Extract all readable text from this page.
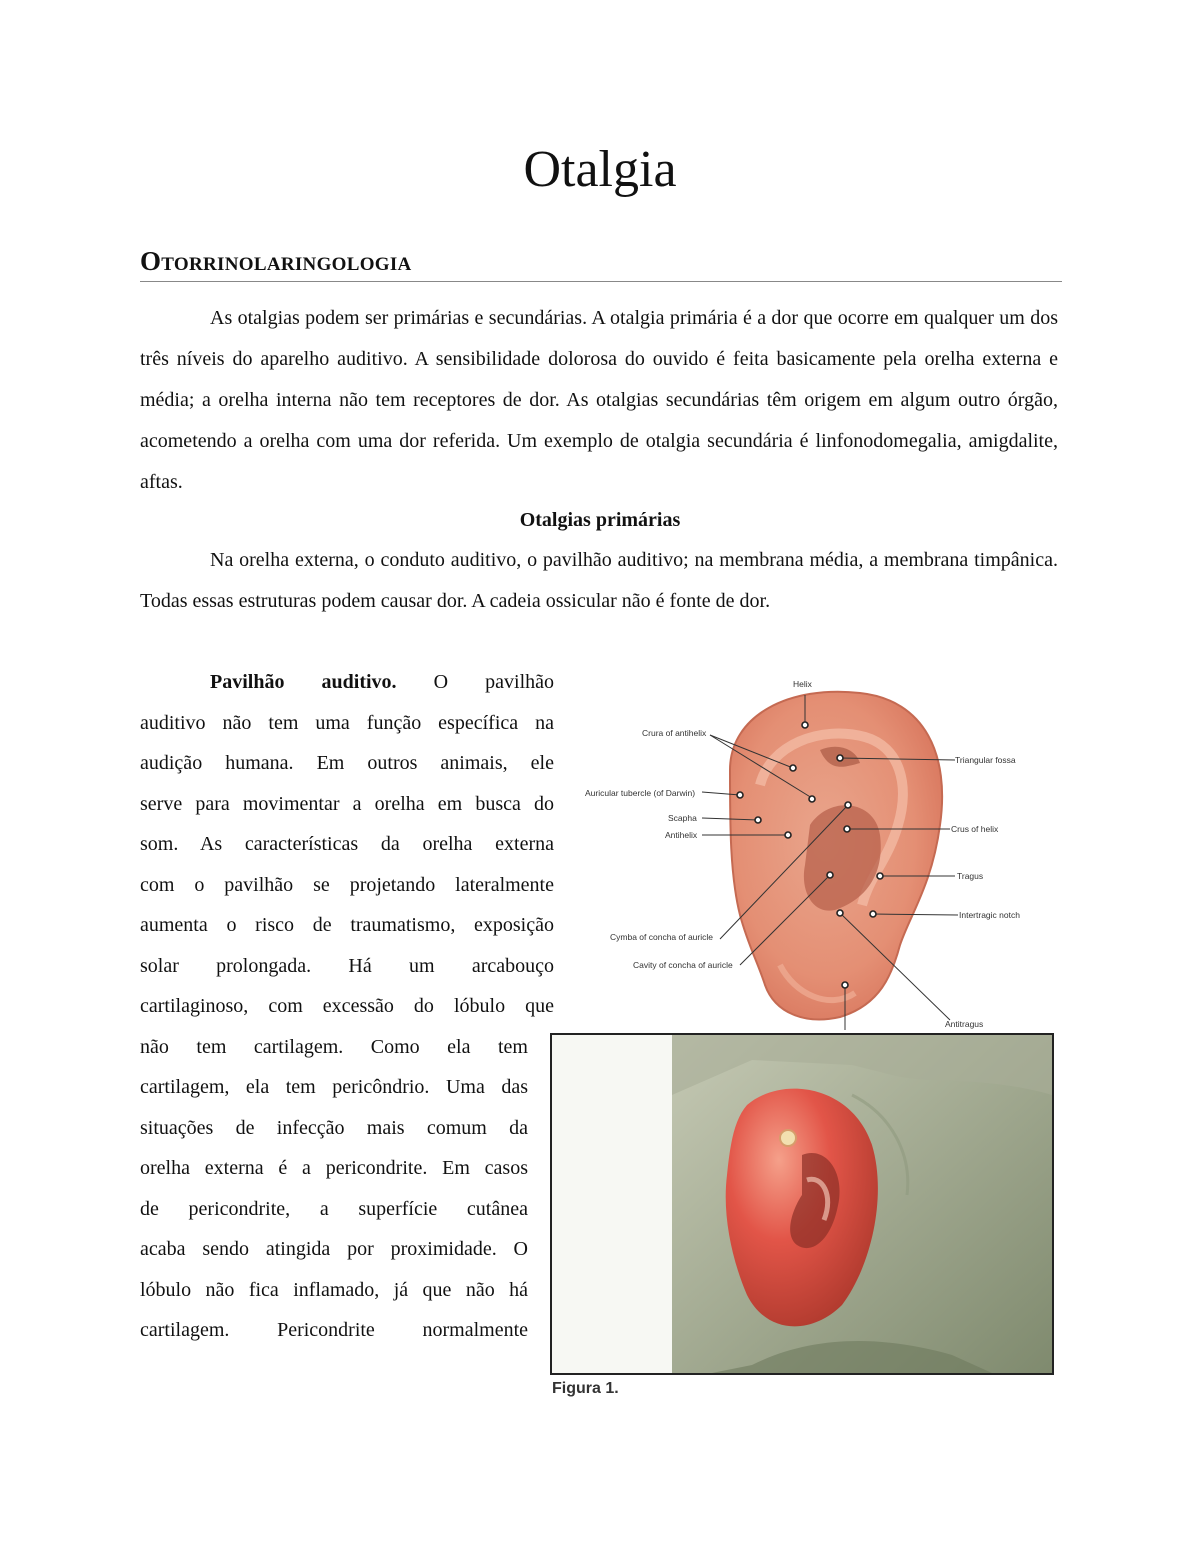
Otalgia
Otorrinolaringologia

As otalgias podem ser primárias e secundárias. A otalgia primária é a dor que ocorre em qualquer um dos três níveis do aparelho auditivo. A sensibilidade dolorosa do ouvido é feita basicamente pela orelha externa e média; a orelha interna não tem receptores de dor. As otalgias secundárias têm origem em algum outro órgão, acometendo a orelha com uma dor referida. Um exemplo de otalgia secundária é linfonodomegalia, amigdalite, aftas.

Otalgias primárias

Na orelha externa, o conduto auditivo, o pavilhão auditivo; na membrana média, a membrana timpânica. Todas essas estruturas podem causar dor. A cadeia ossicular não é fonte de dor.

Pavilhão auditivo. O pavilhão
auditivo não tem uma função específica na
audição humana. Em outros animais, ele
serve para movimentar a orelha em busca do
som. As características da orelha externa
com o pavilhão se projetando lateralmente
aumenta o risco de traumatismo, exposição
solar prolongada. Há um arcabouço
cartilaginoso, com excessão do lóbulo que
não tem cartilagem. Como ela tem
cartilagem, ela tem pericôndrio. Uma das
situações de infecção mais comum da
orelha externa é a pericondrite. Em casos
de pericondrite, a superfície cutânea
acaba sendo atingida por proximidade. O
lóbulo não fica inflamado, já que não há
cartilagem. Pericondrite normalmente
Helix
Crura of antihelix
Triangular fossa
Auricular tubercle (of Darwin)
Scapha
Antihelix
Crus of helix
Tragus
Intertragic notch
Cymba of concha of auricle
Cavity of concha of auricle
Antitragus
Figura 1.
